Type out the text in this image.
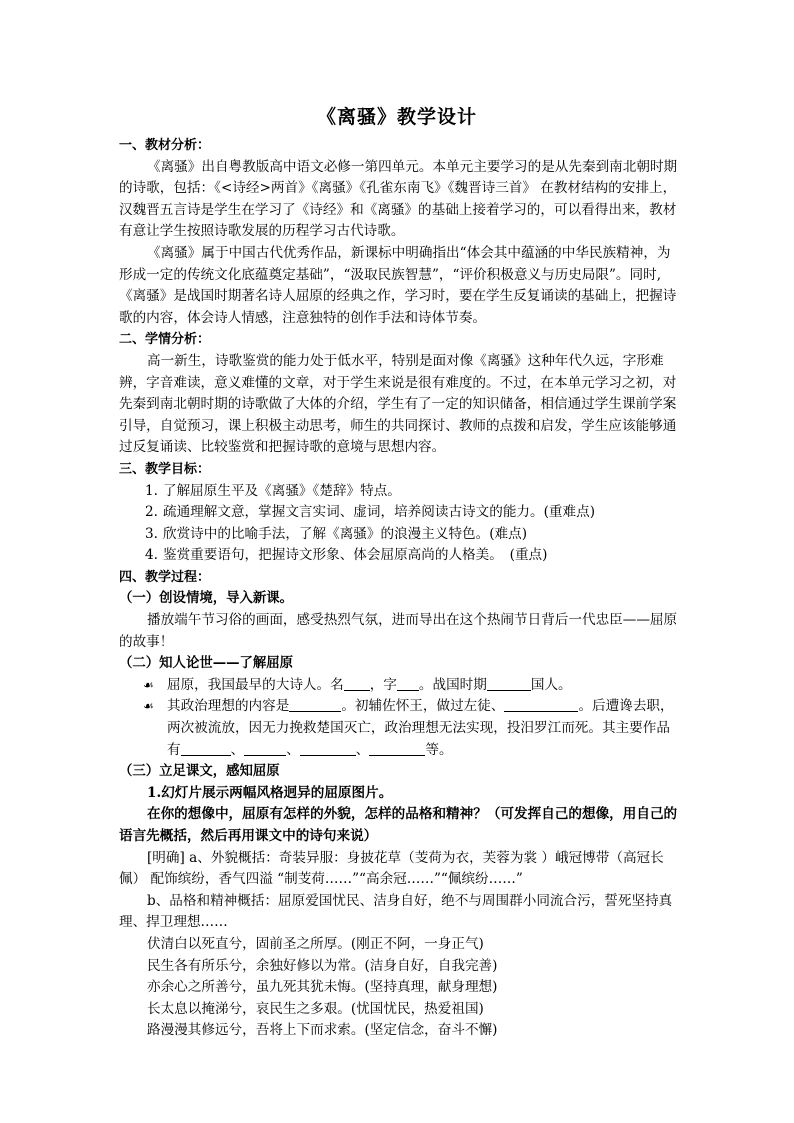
《离骚》教学设计

一、教材分析：

《离骚》出自粤教版高中语文必修一第四单元。本单元主要学习的是从先秦到南北朝时期的诗歌，包括：《<诗经>两首》《离骚》《孔雀东南飞》《魏晋诗三首》 在教材结构的安排上，汉魏晋五言诗是学生在学习了《诗经》和《离骚》的基础上接着学习的，可以看得出来，教材有意让学生按照诗歌发展的历程学习古代诗歌。

《离骚》属于中国古代优秀作品，新课标中明确指出“体会其中蕴涵的中华民族精神，为形成一定的传统文化底蕴奠定基础”，“汲取民族智慧”，“评价积极意义与历史局限”。同时,《离骚》是战国时期著名诗人屈原的经典之作，学习时，要在学生反复诵读的基础上，把握诗歌的内容，体会诗人情感，注意独特的创作手法和诗体节奏。

二、学情分析：

高一新生，诗歌鉴赏的能力处于低水平，特别是面对像《离骚》这种年代久远，字形难辨，字音难读，意义难懂的文章，对于学生来说是很有难度的。不过，在本单元学习之初，对先秦到南北朝时期的诗歌做了大体的介绍，学生有了一定的知识储备，相信通过学生课前学案引导，自觉预习，课上积极主动思考，师生的共同探讨、教师的点拨和启发，学生应该能够通过反复诵读、比较鉴赏和把握诗歌的意境与思想内容。

三、教学目标：

1. 了解屈原生平及《离骚》《楚辞》特点。

2. 疏通理解文意，掌握文言实词、虚词，培养阅读古诗文的能力。(重难点)

3. 欣赏诗中的比喻手法，了解《离骚》的浪漫主义特色。(难点)

4. 鉴赏重要语句，把握诗文形象、体会屈原高尚的人格美。　(重点)

四、教学过程：

（一）创设情境，导入新课。

播放端午节习俗的画面，感受热烈气氛，进而导出在这个热闹节日背后一代忠臣——屈原的故事！

（二）知人论世——了解屈原

☙ 屈原，我国最早的大诗人。名 ，字 。战国时期	国人。

☙ 其政治理想的内容是	。初辅佐怀王，做过左徒、	。后遭谗去职，两次被流放，因无力挽救楚国灭亡，政治理想无法实现，投汨罗江而死。其主要作品有	、	、	、	等。

（三）立足课文，感知屈原

1.幻灯片展示两幅风格迥异的屈原图片。

在你的想像中，屈原有怎样的外貌，怎样的品格和精神？（可发挥自己的想像，用自己的语言先概括，然后再用课文中的诗句来说）

[明确] a、外貌概括：奇装异服：身披花草（芰荷为衣，芙蓉为裳 ）峨冠博带（高冠长佩） 配饰缤纷，香气四溢 “制芰荷……”“高余冠……”“佩缤纷……”

b、品格和精神概括：屈原爱国忧民、洁身自好，绝不与周围群小同流合污，誓死坚持真理、捍卫理想……

伏清白以死直兮，固前圣之所厚。(刚正不阿，一身正气)

民生各有所乐兮，余独好修以为常。(洁身自好，自我完善)

亦余心之所善兮，虽九死其犹未悔。(坚持真理，献身理想)

长太息以掩涕兮，哀民生之多艰。(忧国忧民，热爱祖国)

路漫漫其修远兮，吾将上下而求索。(坚定信念，奋斗不懈)
